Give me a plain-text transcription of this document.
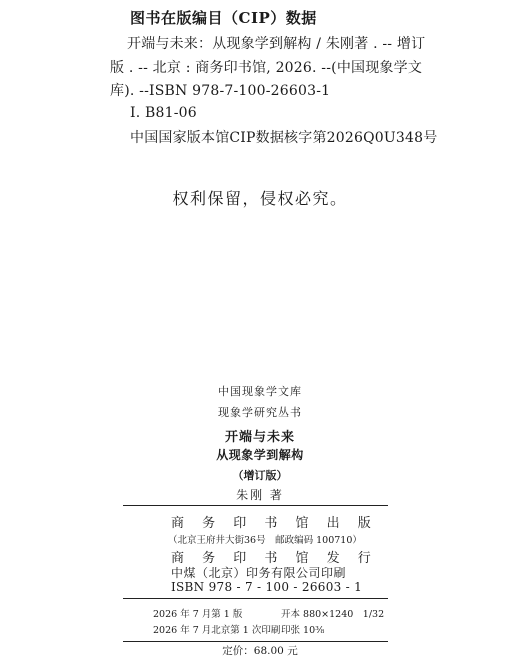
图书在版编目（CIP）数据
开端与未来：从现象学到解构 / 朱刚著 . -- 增订
版 . -- 北京 : 商务印书馆, 2026. --(中国现象学文
库). --ISBN 978-7-100-26603-1
Ⅰ. B81-06
中国国家版本馆CIP数据核字第2026Q0U348号
权利保留，侵权必究。
中国现象学文库
现象学研究丛书
开端与未来
从现象学到解构
（增订版）
朱刚 著
商 务 印 书 馆 出 版
（北京王府井大街36号　邮政编码 100710）
商 务 印 书 馆 发 行
中煤（北京）印务有限公司印刷
ISBN 978 - 7 - 100 - 26603 - 1
2026 年 7 月第 1 版	开本 880×1240　1/32
2026 年 7 月北京第 1 次印刷 印张 10⅜
定价：68.00 元
